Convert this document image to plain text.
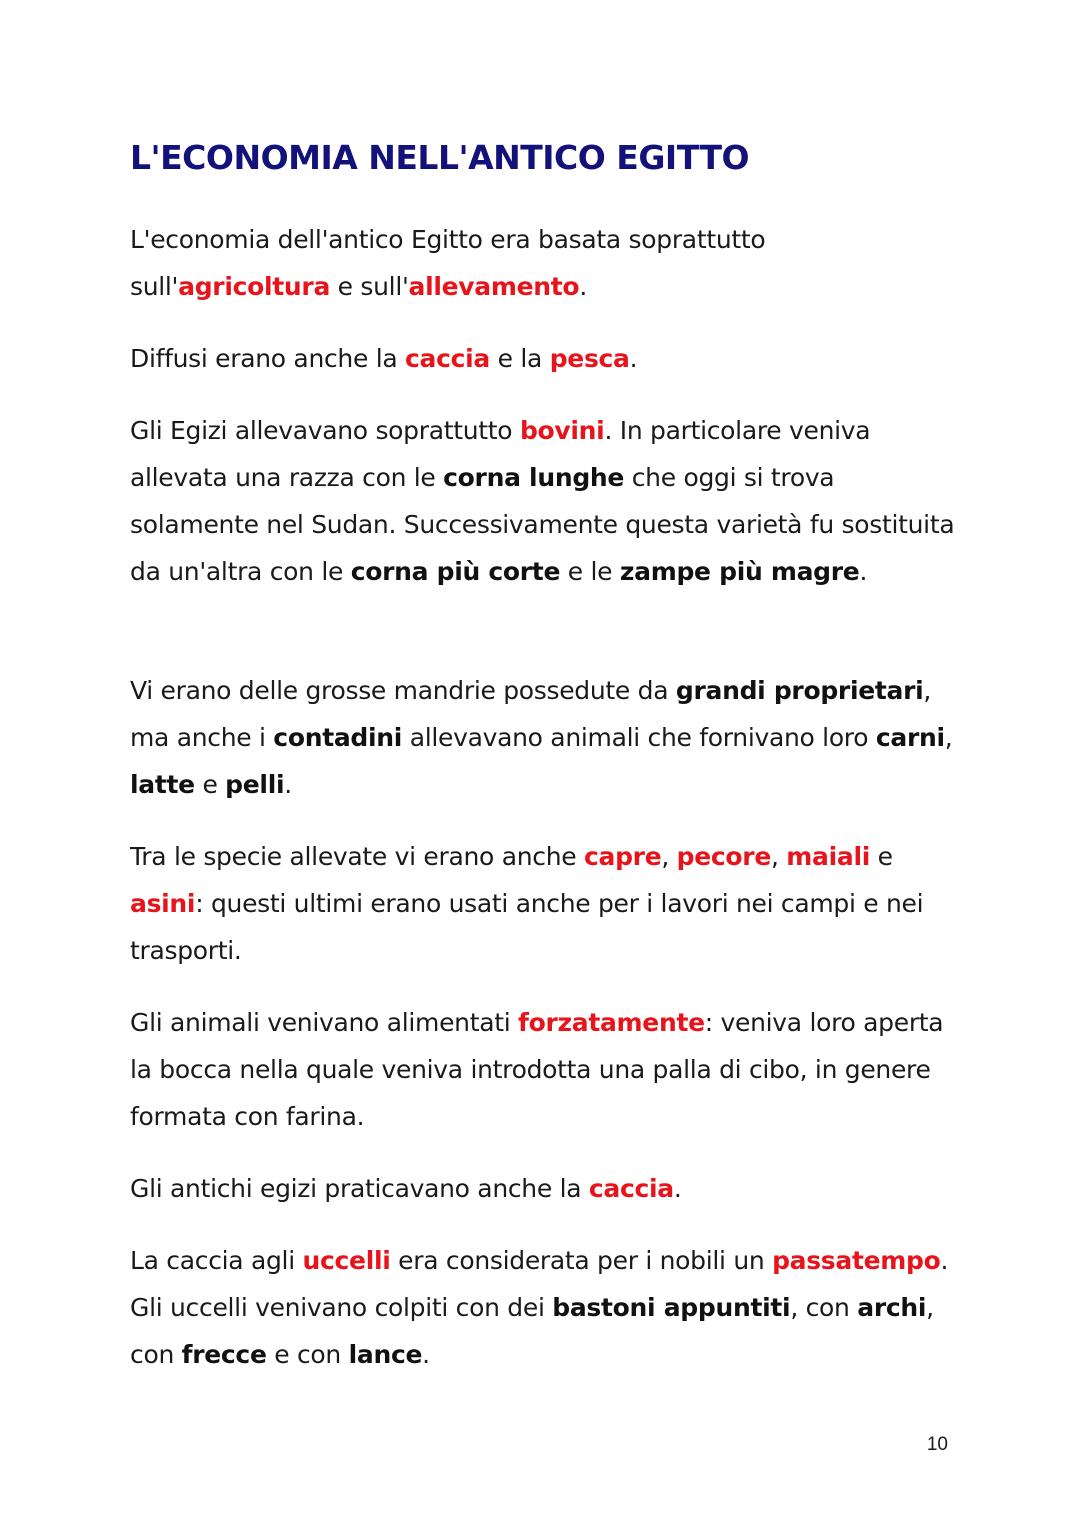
L'ECONOMIA NELL'ANTICO EGITTO

L'economia dell'antico Egitto era basata soprattutto sull'agricoltura e sull'allevamento.

Diffusi erano anche la caccia e la pesca.

Gli Egizi allevavano soprattutto bovini. In particolare veniva allevata una razza con le corna lunghe che oggi si trova solamente nel Sudan. Successivamente questa varietà fu sostituita da un'altra con le corna più corte e le zampe più magre.

Vi erano delle grosse mandrie possedute da grandi proprietari, ma anche i contadini allevavano animali che fornivano loro carni, latte e pelli.

Tra le specie allevate vi erano anche capre, pecore, maiali e asini: questi ultimi erano usati anche per i lavori nei campi e nei trasporti.

Gli animali venivano alimentati forzatamente: veniva loro aperta la bocca nella quale veniva introdotta una palla di cibo, in genere formata con farina.

Gli antichi egizi praticavano anche la caccia.

La caccia agli uccelli era considerata per i nobili un passatempo. Gli uccelli venivano colpiti con dei bastoni appuntiti, con archi, con frecce e con lance.

10
